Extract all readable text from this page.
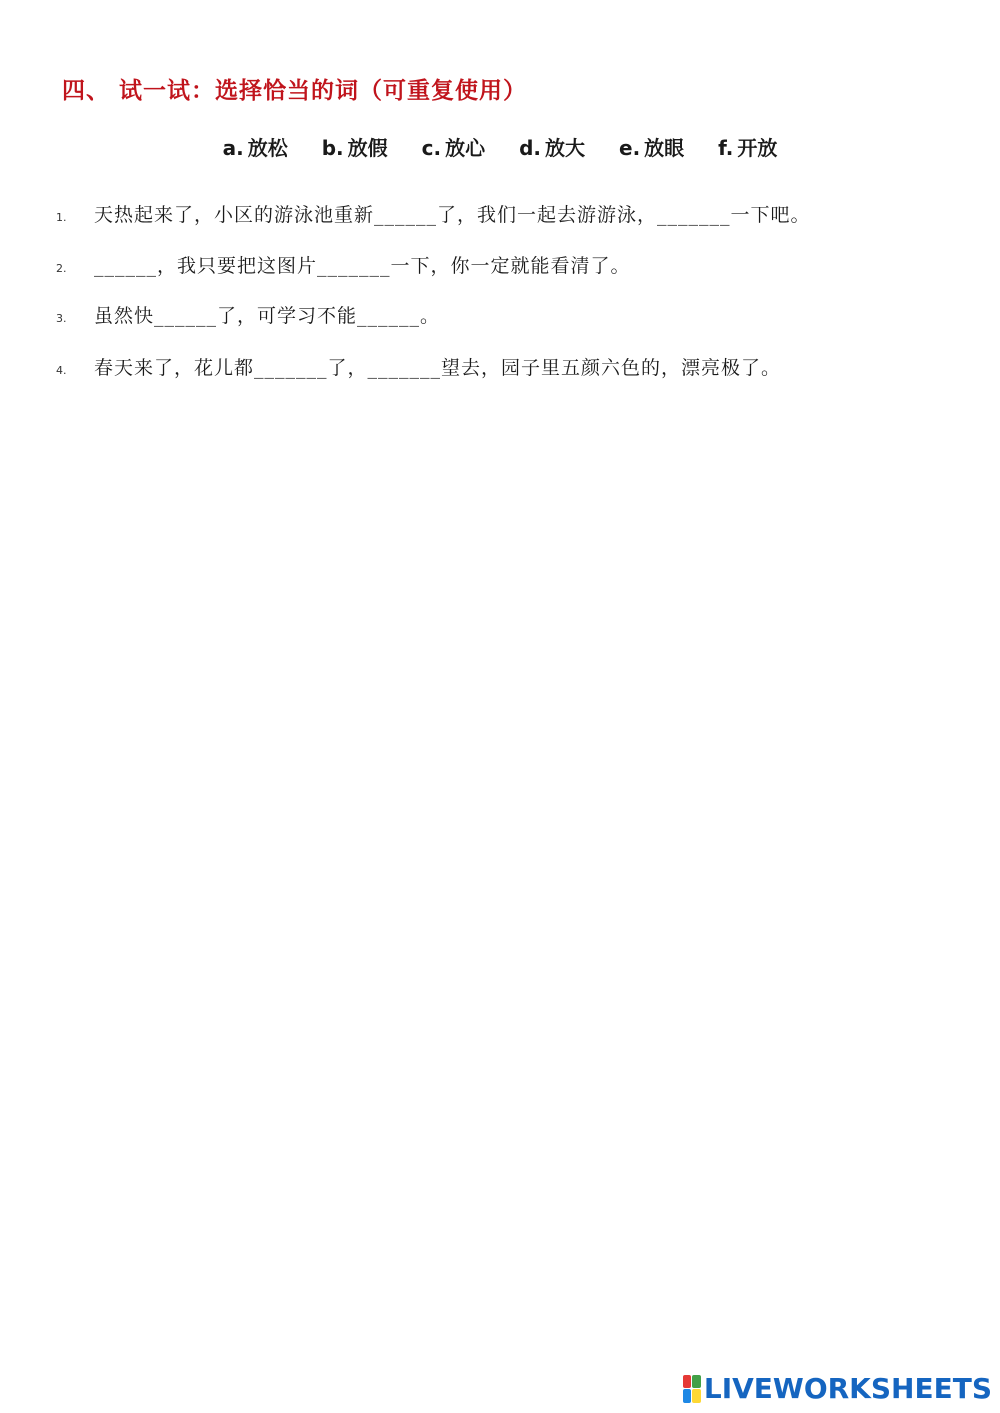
四、 试一试：选择恰当的词（可重复使用）
a. 放松 b. 放假 c. 放心 d. 放大 e. 放眼 f. 开放
1.	天热起来了，小区的游泳池重新______了，我们一起去游游泳，_______一下吧。
2.	______，我只要把这图片_______一下，你一定就能看清了。
3.	虽然快______了，可学习不能______。
4.	春天来了，花儿都_______了，_______望去，园子里五颜六色的，漂亮极了。
LIVEWORKSHEETS
